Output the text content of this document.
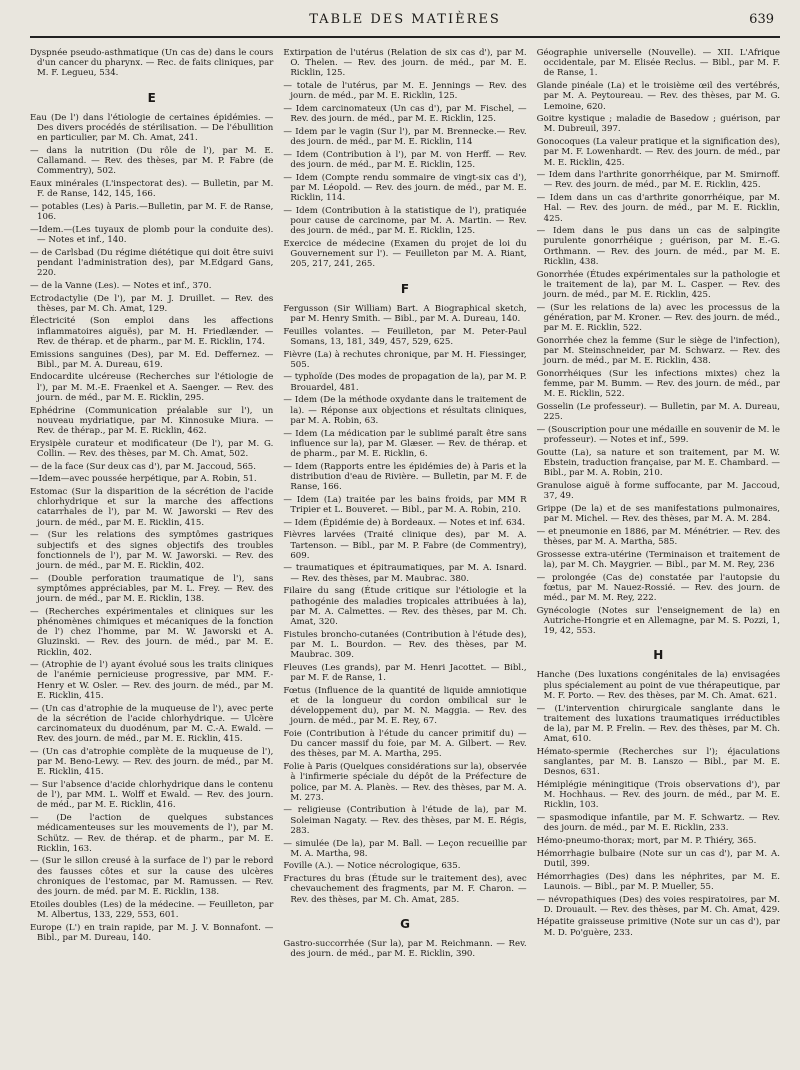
TABLE DES MATIÈRES	639

Dyspnée pseudo-asthmatique (Un cas de) dans le cours d'un cancer du pharynx. — Rec. de faits cliniques, par M. F. Legueu, 534.

E

Eau (De l') dans l'étiologie de certaines épidémies. — Des divers procédés de stérilisation. — De l'ébullition en particulier, par M. Ch. Amat, 241.

— dans la nutrition (Du rôle de l'), par M. E. Callamand. — Rev. des thèses, par M. P. Fabre (de Commentry), 502.

Eaux minérales (L'inspectorat des). — Bulletin, par M. F. de Ranse, 142, 145, 166.

— potables (Les) à Paris.—Bulletin, par M. F. de Ranse, 106.

—Idem.—(Les tuyaux de plomb pour la conduite des). — Notes et inf., 140.

— de Carlsbad (Du régime diététique qui doit être suivi pendant l'administration des), par M.Edgard Gans, 220.

— de la Vanne (Les). — Notes et inf., 370.

Ectrodactylie (De l'), par M. J. Druillet. — Rev. des thèses, par M. Ch. Amat, 129.

Électricité (Son emploi dans les affections inflammatoires aiguës), par M. H. Friedlænder. — Rev. de thérap. et de pharm., par M. E. Ricklin, 174.

Emissions sanguines (Des), par M. Ed. Deffernez. — Bibl., par M. A. Dureau, 619.

Endocardite ulcéreuse (Recherches sur l'étiologie de l'), par M. M.-E. Fraenkel et A. Saenger. — Rev. des journ. de méd., par M. E. Ricklin, 295.

Ephédrine (Communication préalable sur l'), un nouveau mydriatique, par M. Kinnosuke Miura. — Rev. de thérap., par M. E. Ricklin, 462.

Erysipèle curateur et modificateur (De l'), par M. G. Collin. — Rev. des thèses, par M. Ch. Amat, 502.

— de la face (Sur deux cas d'), par M. Jaccoud, 565.

—Idem—avec poussée herpétique, par A. Robin, 51.

Estomac (Sur la disparition de la sécrétion de l'acide chlorhydrique et sur la marche des affections catarrhales de l'), par M. W. Jaworski — Rev des journ. de méd., par M. E. Ricklin, 415.

— (Sur les relations des symptômes gastriques subjectifs et des signes objectifs des troubles fonctionnels de l'), par M. W. Jaworski. — Rev. des journ. de méd., par M. E. Ricklin, 402.

— (Double perforation traumatique de l'), sans symptômes appréciables, par M. L. Frey. — Rev. des journ. de méd., par M. E. Ricklin, 138.

— (Recherches expérimentales et cliniques sur les phénomènes chimiques et mécaniques de la fonction de l') chez l'homme, par M. W. Jaworski et A. Gluzinski. — Rev. des journ. de méd., par M. E. Ricklin, 402.

— (Atrophie de l') ayant évolué sous les traits cliniques de l'anémie pernicieuse progressive, par MM. F.-Henry et W. Osler. — Rev. des journ. de méd., par M. E. Ricklin, 415.

— (Un cas d'atrophie de la muqueuse de l'), avec perte de la sécrétion de l'acide chlorhydrique. — Ulcère carcinomateux du duodénum, par M. C.-A. Ewald. — Rev. des journ. de méd., par M. E. Ricklin, 415.

— (Un cas d'atrophie complète de la muqueuse de l'), par M. Beno-Lewy. — Rev. des journ. de méd., par M. E. Ricklin, 415.

— Sur l'absence d'acide chlorhydrique dans le contenu de l'), par MM. L. Wolff et Ewald. — Rev. des journ. de méd., par M. E. Ricklin, 416.

— (De l'action de quelques substances médicamenteuses sur les mouvements de l'), par M. Schütz. — Rev. de thérap. et de pharm., par M. E. Ricklin, 163.

— (Sur le sillon creusé à la surface de l') par le rebord des fausses côtes et sur la cause des ulcères chroniques de l'estomac, par M. Ramussen. — Rev. des journ. de méd. par M. E. Ricklin, 138.

Etoiles doubles (Les) de la médecine. — Feuilleton, par M. Albertus, 133, 229, 553, 601.

Europe (L') en train rapide, par M. J. V. Bonnafont. — Bibl., par M. Dureau, 140.

Extirpation de l'utérus (Relation de six cas d'), par M. O. Thelen. — Rev. des journ. de méd., par M. E. Ricklin, 125.

— totale de l'utérus, par M. E. Jennings — Rev. des journ. de méd., par M. E. Ricklin, 125.

— Idem carcinomateux (Un cas d'), par M. Fischel, — Rev. des journ. de méd., par M. E. Ricklin, 125.

— Idem par le vagin (Sur l'), par M. Brennecke.— Rev. des journ. de méd., par M. E. Ricklin, 114

— Idem (Contribution à l'), par M. von Herff. — Rev. des journ. de méd., par M. E. Ricklin, 125.

— Idem (Compte rendu sommaire de vingt-six cas d'), par M. Léopold. — Rev. des journ. de méd., par M. E. Ricklin, 114.

— Idem (Contribution à la statistique de l'), pratiquée pour cause de carcinome, par M. A. Martin. — Rev. des journ. de méd., par M. E. Ricklin, 125.

Exercice de médecine (Examen du projet de loi du Gouvernement sur l'). — Feuilleton par M. A. Riant, 205, 217, 241, 265.

F

Fergusson (Sir William) Bart. A Biographical sketch, par M. Henry Smith. — Bibl., par M. A. Dureau, 140.

Feuilles volantes. — Feuilleton, par M. Peter-Paul Somans, 13, 181, 349, 457, 529, 625.

Fièvre (La) à rechutes chronique, par M. H. Fiessinger, 505.

— typhoïde (Des modes de propagation de la), par M. P. Brouardel, 481.

— Idem (De la méthode oxydante dans le traitement de la). — Réponse aux objections et résultats cliniques, par M. A. Robin, 63.

— Idem (La médication par le sublimé paraît être sans influence sur la), par M. Glæser. — Rev. de thérap. et de pharm., par M. E. Ricklin, 6.

— Idem (Rapports entre les épidémies de) à Paris et la distribution d'eau de Rivière. — Bulletin, par M. F. de Ranse, 166.

— Idem (La) traitée par les bains froids, par MM R Tripier et L. Bouveret. — Bibl., par M. A. Robin, 210.

— Idem (Épidémie de) à Bordeaux. — Notes et inf. 634.

Fièvres larvées (Traité clinique des), par M. A. Tartenson. — Bibl., par M. P. Fabre (de Commentry), 609.

— traumatiques et épitraumatiques, par M. A. Isnard. — Rev. des thèses, par M. Maubrac. 380.

Filaire du sang (Étude critique sur l'étiologie et la pathogénie des maladies tropicales attribuées à la), par M. A. Calmettes. — Rev. des thèses, par M. Ch. Amat, 320.

Fistules broncho-cutanées (Contribution à l'étude des), par M. L. Bourdon. — Rev. des thèses, par M. Maubrac. 309.

Fleuves (Les grands), par M. Henri Jacottet. — Bibl., par M. F. de Ranse, 1.

Fœtus (Influence de la quantité de liquide amniotique et de la longueur du cordon ombilical sur le développement du), par M. N. Maggia. — Rev. des journ. de méd., par M. E. Rey, 67.

Foie (Contribution à l'étude du cancer primitif du) — Du cancer massif du foie, par M. A. Gilbert. — Rev. des thèses, par M. A. Martha, 295.

Folie à Paris (Quelques considérations sur la), observée à l'infirmerie spéciale du dépôt de la Préfecture de police, par M. A. Planès. — Rev. des thèses, par M. A. M. 273.

— religieuse (Contribution à l'étude de la), par M. Soleiman Nagaty. — Rev. des thèses, par M. E. Régis, 283.

— simulée (De la), par M. Ball. — Leçon recueillie par M. A. Martha, 98.

Foville (A.). — Notice nécrologique, 635.

Fractures du bras (Étude sur le traitement des), avec chevauchement des fragments, par M. F. Charon. — Rev. des thèses, par M. Ch. Amat, 285.

G

Gastro-succorrhée (Sur la), par M. Reichmann. — Rev. des journ. de méd., par M. E. Ricklin, 390.

Géographie universelle (Nouvelle). — XII. L'Afrique occidentale, par M. Elisée Reclus. — Bibl., par M. F. de Ranse, 1.

Glande pinéale (La) et le troisième œil des vertébrés, par M. A. Peytoureau. — Rev. des thèses, par M. G. Lemoine, 620.

Goitre kystique ; maladie de Basedow ; guérison, par M. Dubreuil, 397.

Gonocoques (La valeur pratique et la signification des), par M. F. Lowenhardt. — Rev. des journ. de méd., par M. E. Ricklin, 425.

— Idem dans l'arthrite gonorrhéique, par M. Smirnoff. — Rev. des journ. de méd., par M. E. Ricklin, 425.

— Idem dans un cas d'arthrite gonorrhéique, par M. Hal. — Rev. des journ. de méd., par M. E. Ricklin, 425.

— Idem dans le pus dans un cas de salpingite purulente gonorrhéique ; guérison, par M. E.-G. Orthmann. — Rev. des journ. de méd., par M. E. Ricklin, 438.

Gonorrhée (Études expérimentales sur la pathologie et le traitement de la), par M. L. Casper. — Rev. des journ. de méd., par M. E. Ricklin, 425.

— (Sur les relations de la) avec les processus de la génération, par M. Kroner. — Rev. des journ. de méd., par M. E. Ricklin, 522.

Gonorrhée chez la femme (Sur le siège de l'infection), par M. Steinschneider, par M. Schwarz. — Rev. des journ. de méd., par M. E. Ricklin, 438.

Gonorrhéiques (Sur les infections mixtes) chez la femme, par M. Bumm. — Rev. des journ. de méd., par M. E. Ricklin, 522.

Gosselin (Le professeur). — Bulletin, par M. A. Dureau, 225.

— (Souscription pour une médaille en souvenir de M. le professeur). — Notes et inf., 599.

Goutte (La), sa nature et son traitement, par M. W. Ebstein, traduction française, par M. E. Chambard. — Bibl., par M. A. Robin, 210.

Granulose aiguë à forme suffocante, par M. Jaccoud, 37, 49.

Grippe (De la) et de ses manifestations pulmonaires, par M. Michel. — Rev. des thèses, par M. A. M. 284.

— et pneumonie en 1886, par M. Ménétrier. — Rev. des thèses, par M. A. Martha, 585.

Grossesse extra-utérine (Terminaison et traitement de la), par M. Ch. Maygrier. — Bibl., par M. M. Rey, 236

— prolongée (Cas de) constatée par l'autopsie du fœtus, par M. Nauez-Rossié. — Rev. des journ. de méd., par M. M. Rey, 222.

Gynécologie (Notes sur l'enseignement de la) en Autriche-Hongrie et en Allemagne, par M. S. Pozzi, 1, 19, 42, 553.

H

Hanche (Des luxations congénitales de la) envisagées plus spécialement au point de vue thérapeutique, par M. F. Porto. — Rev. des thèses, par M. Ch. Amat. 621.

— (L'intervention chirurgicale sanglante dans le traitement des luxations traumatiques irréductibles de la), par M. P. Frelin. — Rev. des thèses, par M. Ch. Amat, 610.

Hémato-spermie (Recherches sur l'); éjaculations sanglantes, par M. B. Lanszo — Bibl., par M. E. Desnos, 631.

Hémiplégie méningitique (Trois observations d'), par M. Hochhaus. — Rev. des journ. de méd., par M. E. Ricklin, 103.

— spasmodique infantile, par M. F. Schwartz. — Rev. des journ. de méd., par M. E. Ricklin, 233.

Hémo-pneumo-thorax; mort, par M. P. Thiéry, 365.

Hémorrhagie bulbaire (Note sur un cas d'), par M. A. Dutil, 399.

Hémorrhagies (Des) dans les néphrites, par M. E. Launois. — Bibl., par M. P. Mueller, 55.

— névropathiques (Des) des voies respiratoires, par M. D. Drouault. — Rev. des thèses, par M. Ch. Amat, 429.

Hépatite graisseuse primitive (Note sur un cas d'), par M. D. Po'guère, 233.
